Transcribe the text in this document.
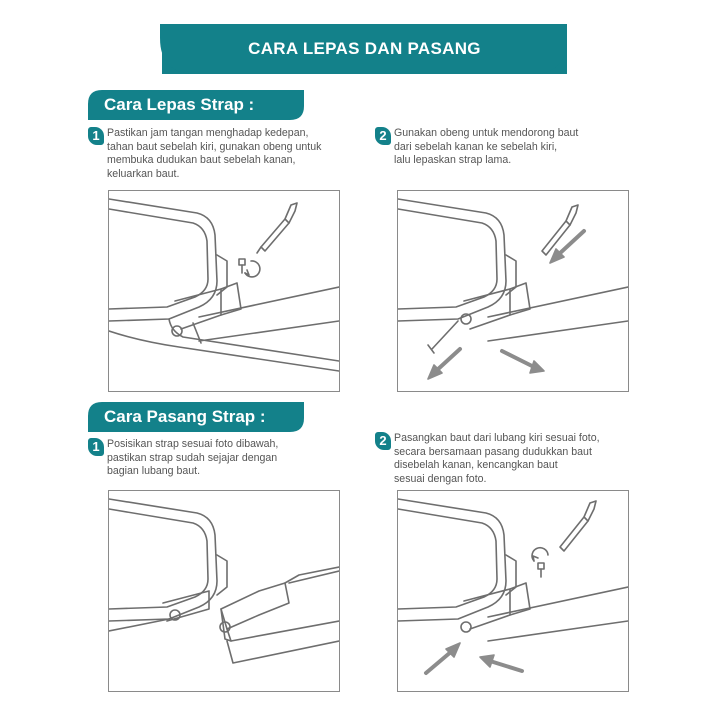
CARA LEPAS DAN PASANG
Cara Lepas Strap :
1 Pastikan jam tangan menghadap kedepan,
tahan baut sebelah kiri, gunakan obeng untuk
membuka dudukan baut sebelah kanan,
keluarkan baut.
2 Gunakan obeng untuk mendorong baut
dari sebelah kanan ke sebelah kiri,
lalu lepaskan strap lama.
Cara Pasang Strap :
1 Posisikan strap sesuai foto dibawah,
pastikan strap sudah sejajar dengan
bagian lubang baut.
2 Pasangkan baut dari lubang kiri sesuai foto,
secara bersamaan pasang dudukkan baut
disebelah kanan, kencangkan baut
sesuai dengan foto.
